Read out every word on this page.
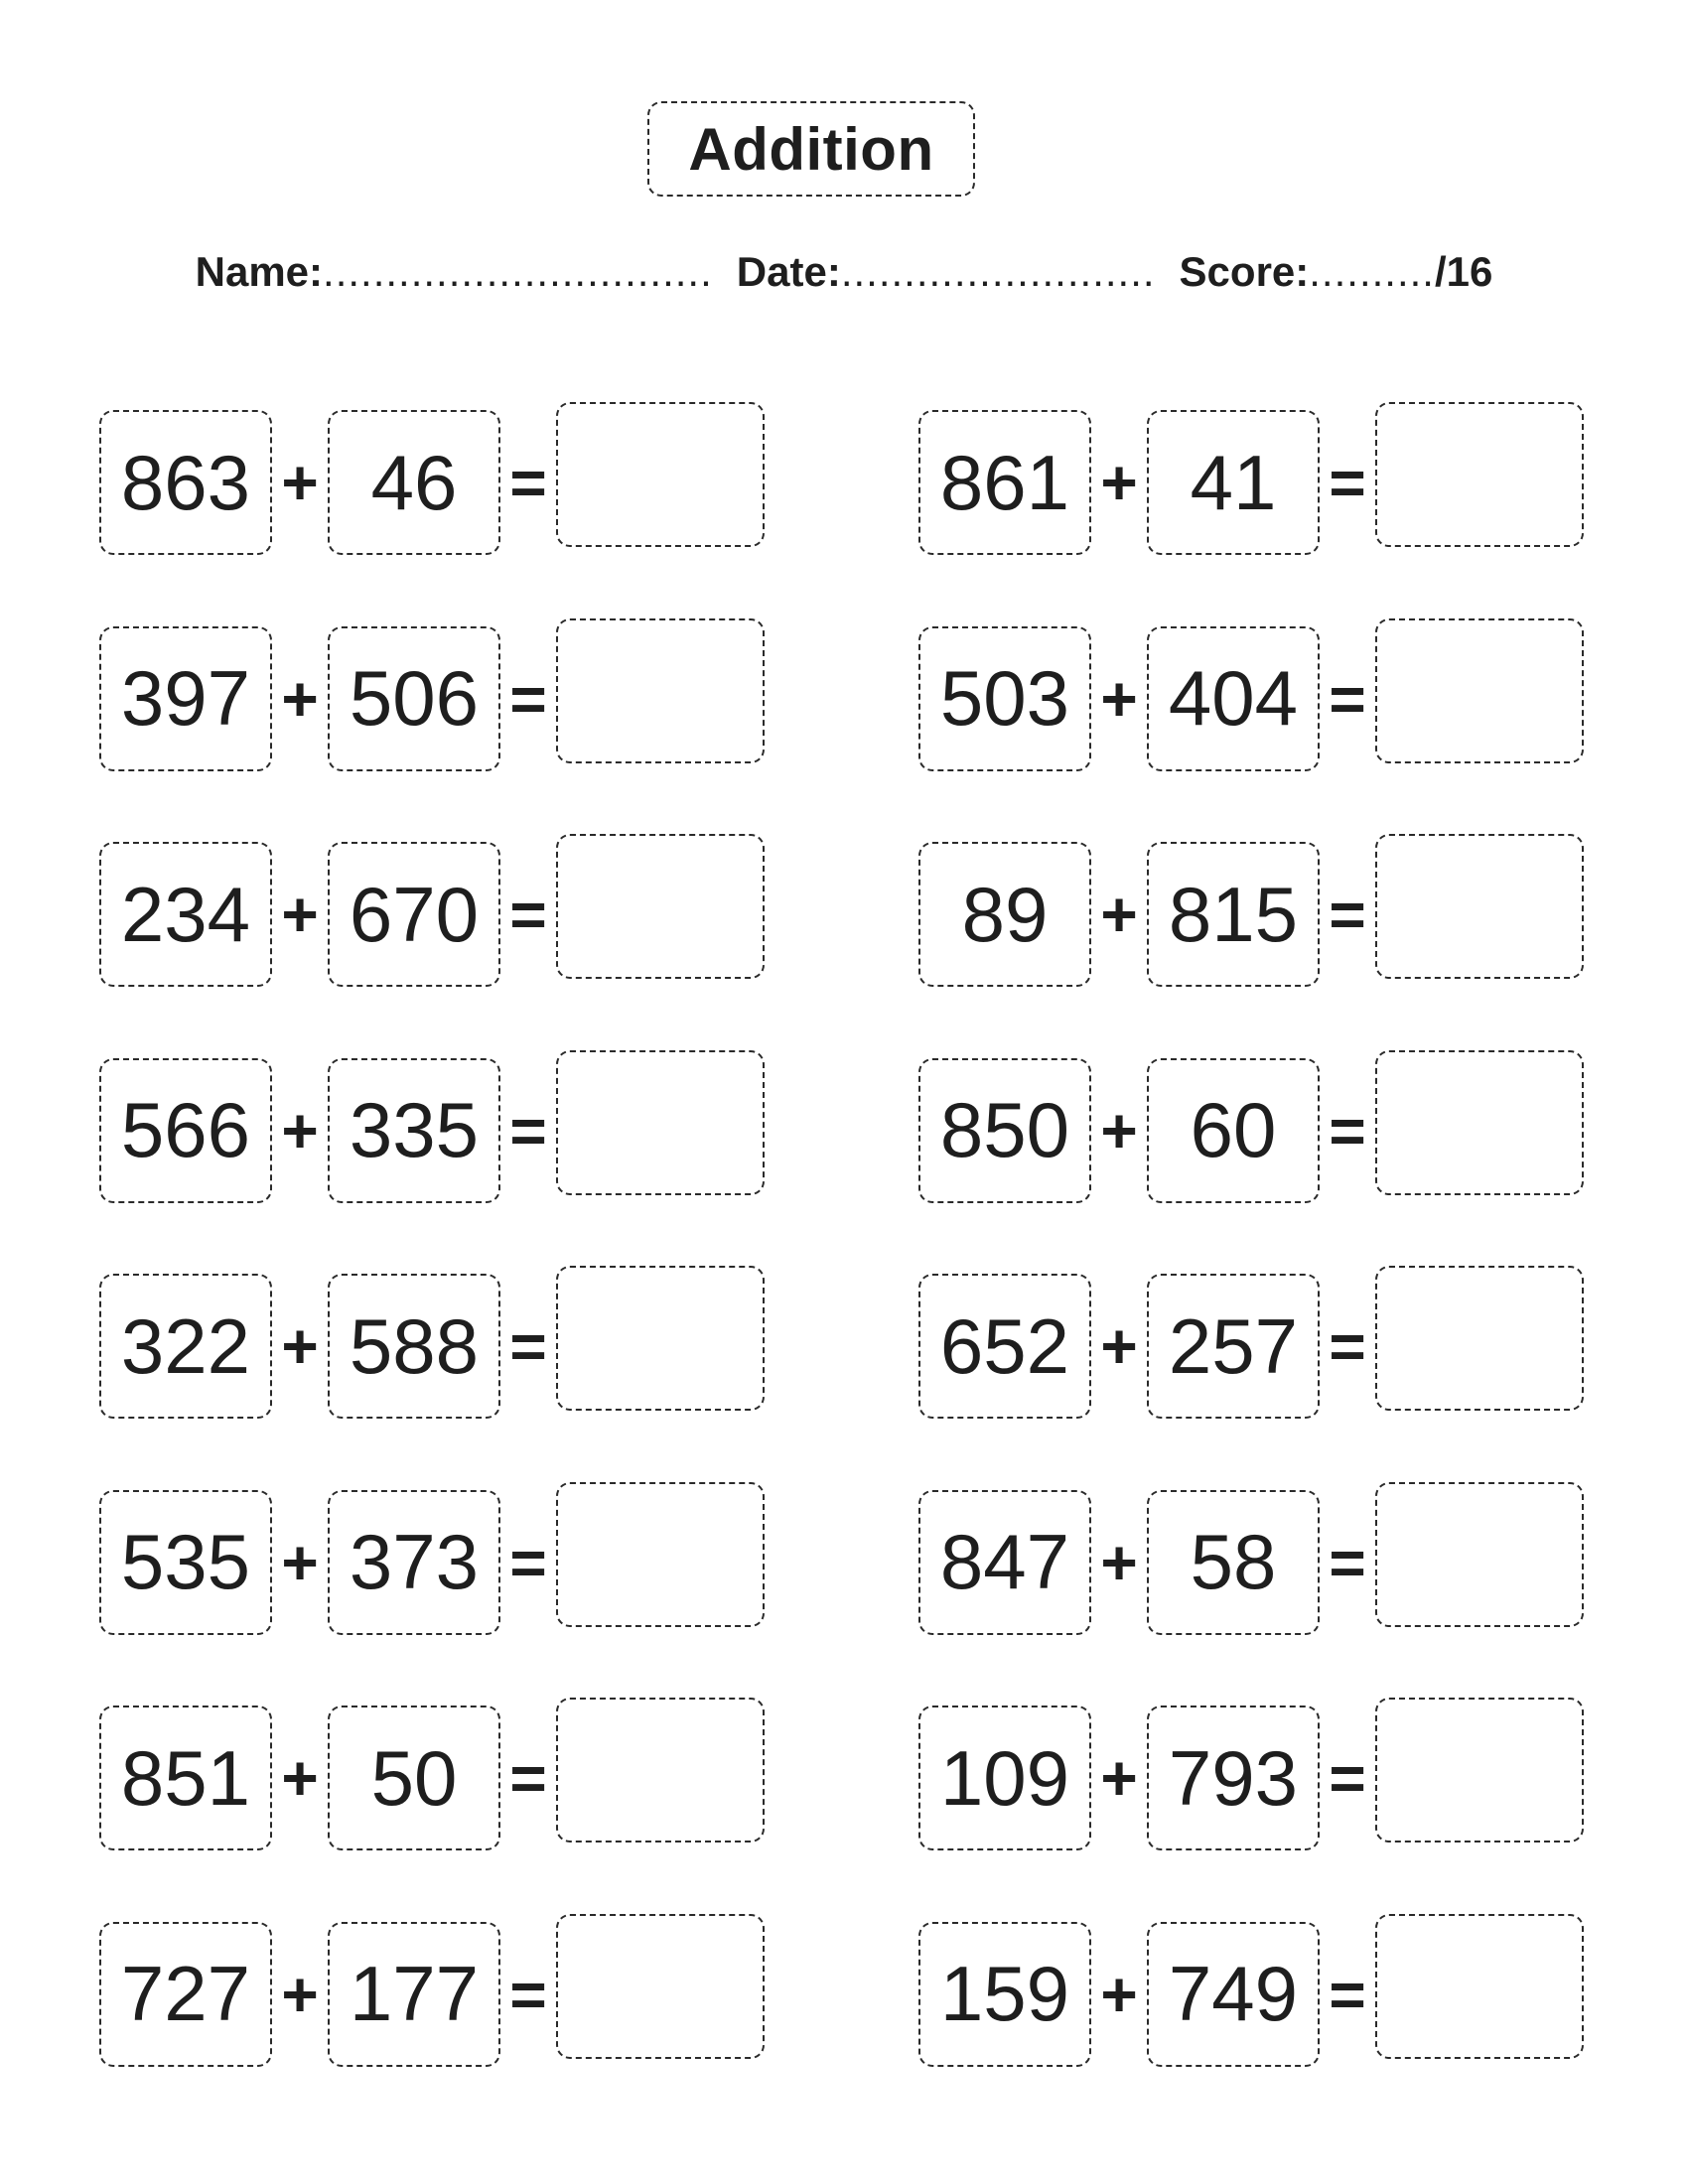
Addition
Name:............................... Date:......................... Score:........../16
863 + 46 =	861 + 41 =
397 + 506 =	503 + 404 =
234 + 670 =	89 + 815 =
566 + 335 =	850 + 60 =
322 + 588 =	652 + 257 =
535 + 373 =	847 + 58 =
851 + 50 =	109 + 793 =
727 + 177 =	159 + 749 =
